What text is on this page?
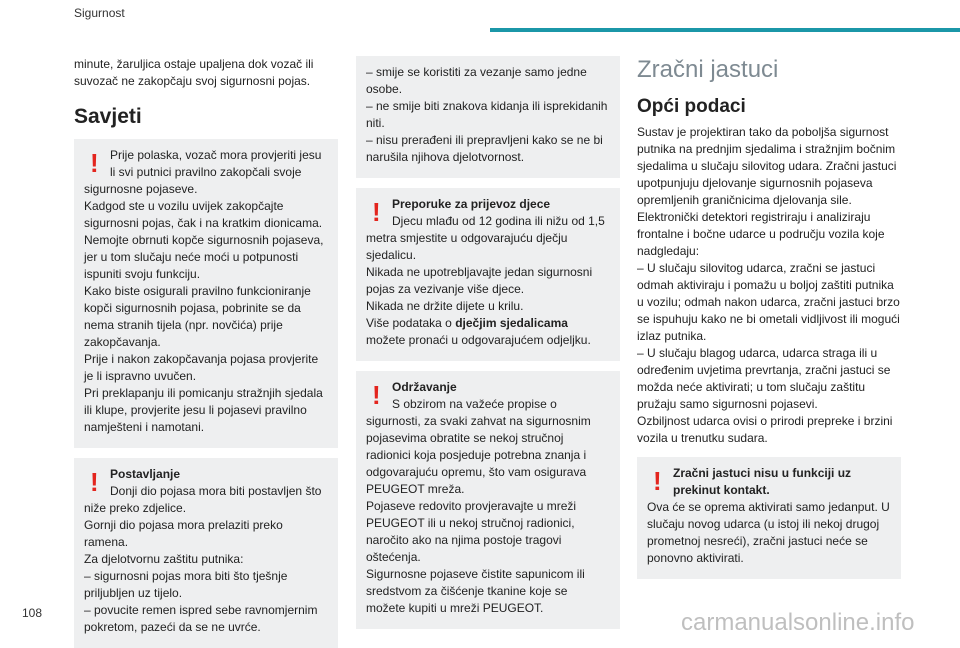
Sigurnost

minute, žaruljica ostaje upaljena dok vozač ili suvozač ne zakopčaju svoj sigurnosni pojas.

Savjeti
! Prije polaska, vozač mora provjeriti jesu li svi putnici pravilno zakopčali svoje sigurnosne pojaseve.
Kadgod ste u vozilu uvijek zakopčajte sigurnosni pojas, čak i na kratkim dionicama.
Nemojte obrnuti kopče sigurnosnih pojaseva, jer u tom slučaju neće moći u potpunosti ispuniti svoju funkciju.
Kako biste osigurali pravilno funkcioniranje kopči sigurnosnih pojasa, pobrinite se da nema stranih tijela (npr. novčića) prije zakopčavanja.
Prije i nakon zakopčavanja pojasa provjerite je li ispravno uvučen.
Pri preklapanju ili pomicanju stražnjih sjedala ili klupe, provjerite jesu li pojasevi pravilno namješteni i namotani.

! Postavljanje
Donji dio pojasa mora biti postavljen što niže preko zdjelice.
Gornji dio pojasa mora prelaziti preko ramena.
Za djelotvornu zaštitu putnika:
– sigurnosni pojas mora biti što tješnje priljubljen uz tijelo.
– povucite remen ispred sebe ravnomjernim pokretom, pazeći da se ne uvrće.

– smije se koristiti za vezanje samo jedne osobe.
– ne smije biti znakova kidanja ili isprekidanih niti.
– nisu prerađeni ili prepravljeni kako se ne bi narušila njihova djelotvornost.

! Preporuke za prijevoz djece
Djecu mlađu od 12 godina ili nižu od 1,5 metra smjestite u odgovarajuću dječju sjedalicu.
Nikada ne upotrebljavajte jedan sigurnosni pojas za vezivanje više djece.
Nikada ne držite dijete u krilu.
Više podataka o dječjim sjedalicama možete pronaći u odgovarajućem odjeljku.

! Održavanje
S obzirom na važeće propise o sigurnosti, za svaki zahvat na sigurnosnim pojasevima obratite se nekoj stručnoj radionici koja posjeduje potrebna znanja i odgovarajuću opremu, što vam osigurava PEUGEOT mreža.
Pojaseve redovito provjeravajte u mreži PEUGEOT ili u nekoj stručnoj radionici, naročito ako na njima postoje tragovi oštećenja.
Sigurnosne pojaseve čistite sapunicom ili sredstvom za čišćenje tkanine koje se možete kupiti u mreži PEUGEOT.

Zračni jastuci
Opći podaci

Sustav je projektiran tako da poboljša sigurnost putnika na prednjim sjedalima i stražnjim bočnim sjedalima u slučaju silovitog udara. Zračni jastuci upotpunjuju djelovanje sigurnosnih pojaseva opremljenih graničnicima djelovanja sile.
Elektronički detektori registriraju i analiziraju frontalne i bočne udarce u području vozila koje nadgledaju:
– U slučaju silovitog udarca, zračni se jastuci odmah aktiviraju i pomažu u boljoj zaštiti putnika u vozilu; odmah nakon udarca, zračni jastuci brzo se ispuhuju kako ne bi ometali vidljivost ili mogući izlaz putnika.
– U slučaju blagog udarca, udarca straga ili u određenim uvjetima prevrtanja, zračni jastuci se možda neće aktivirati; u tom slučaju zaštitu pružaju samo sigurnosni pojasevi.
Ozbiljnost udarca ovisi o prirodi prepreke i brzini vozila u trenutku sudara.

! Zračni jastuci nisu u funkciji uz prekinut kontakt.
Ova će se oprema aktivirati samo jedanput. U slučaju novog udarca (u istoj ili nekoj drugoj prometnoj nesreći), zračni jastuci neće se ponovno aktivirati.

108	carmanualsonline.info
